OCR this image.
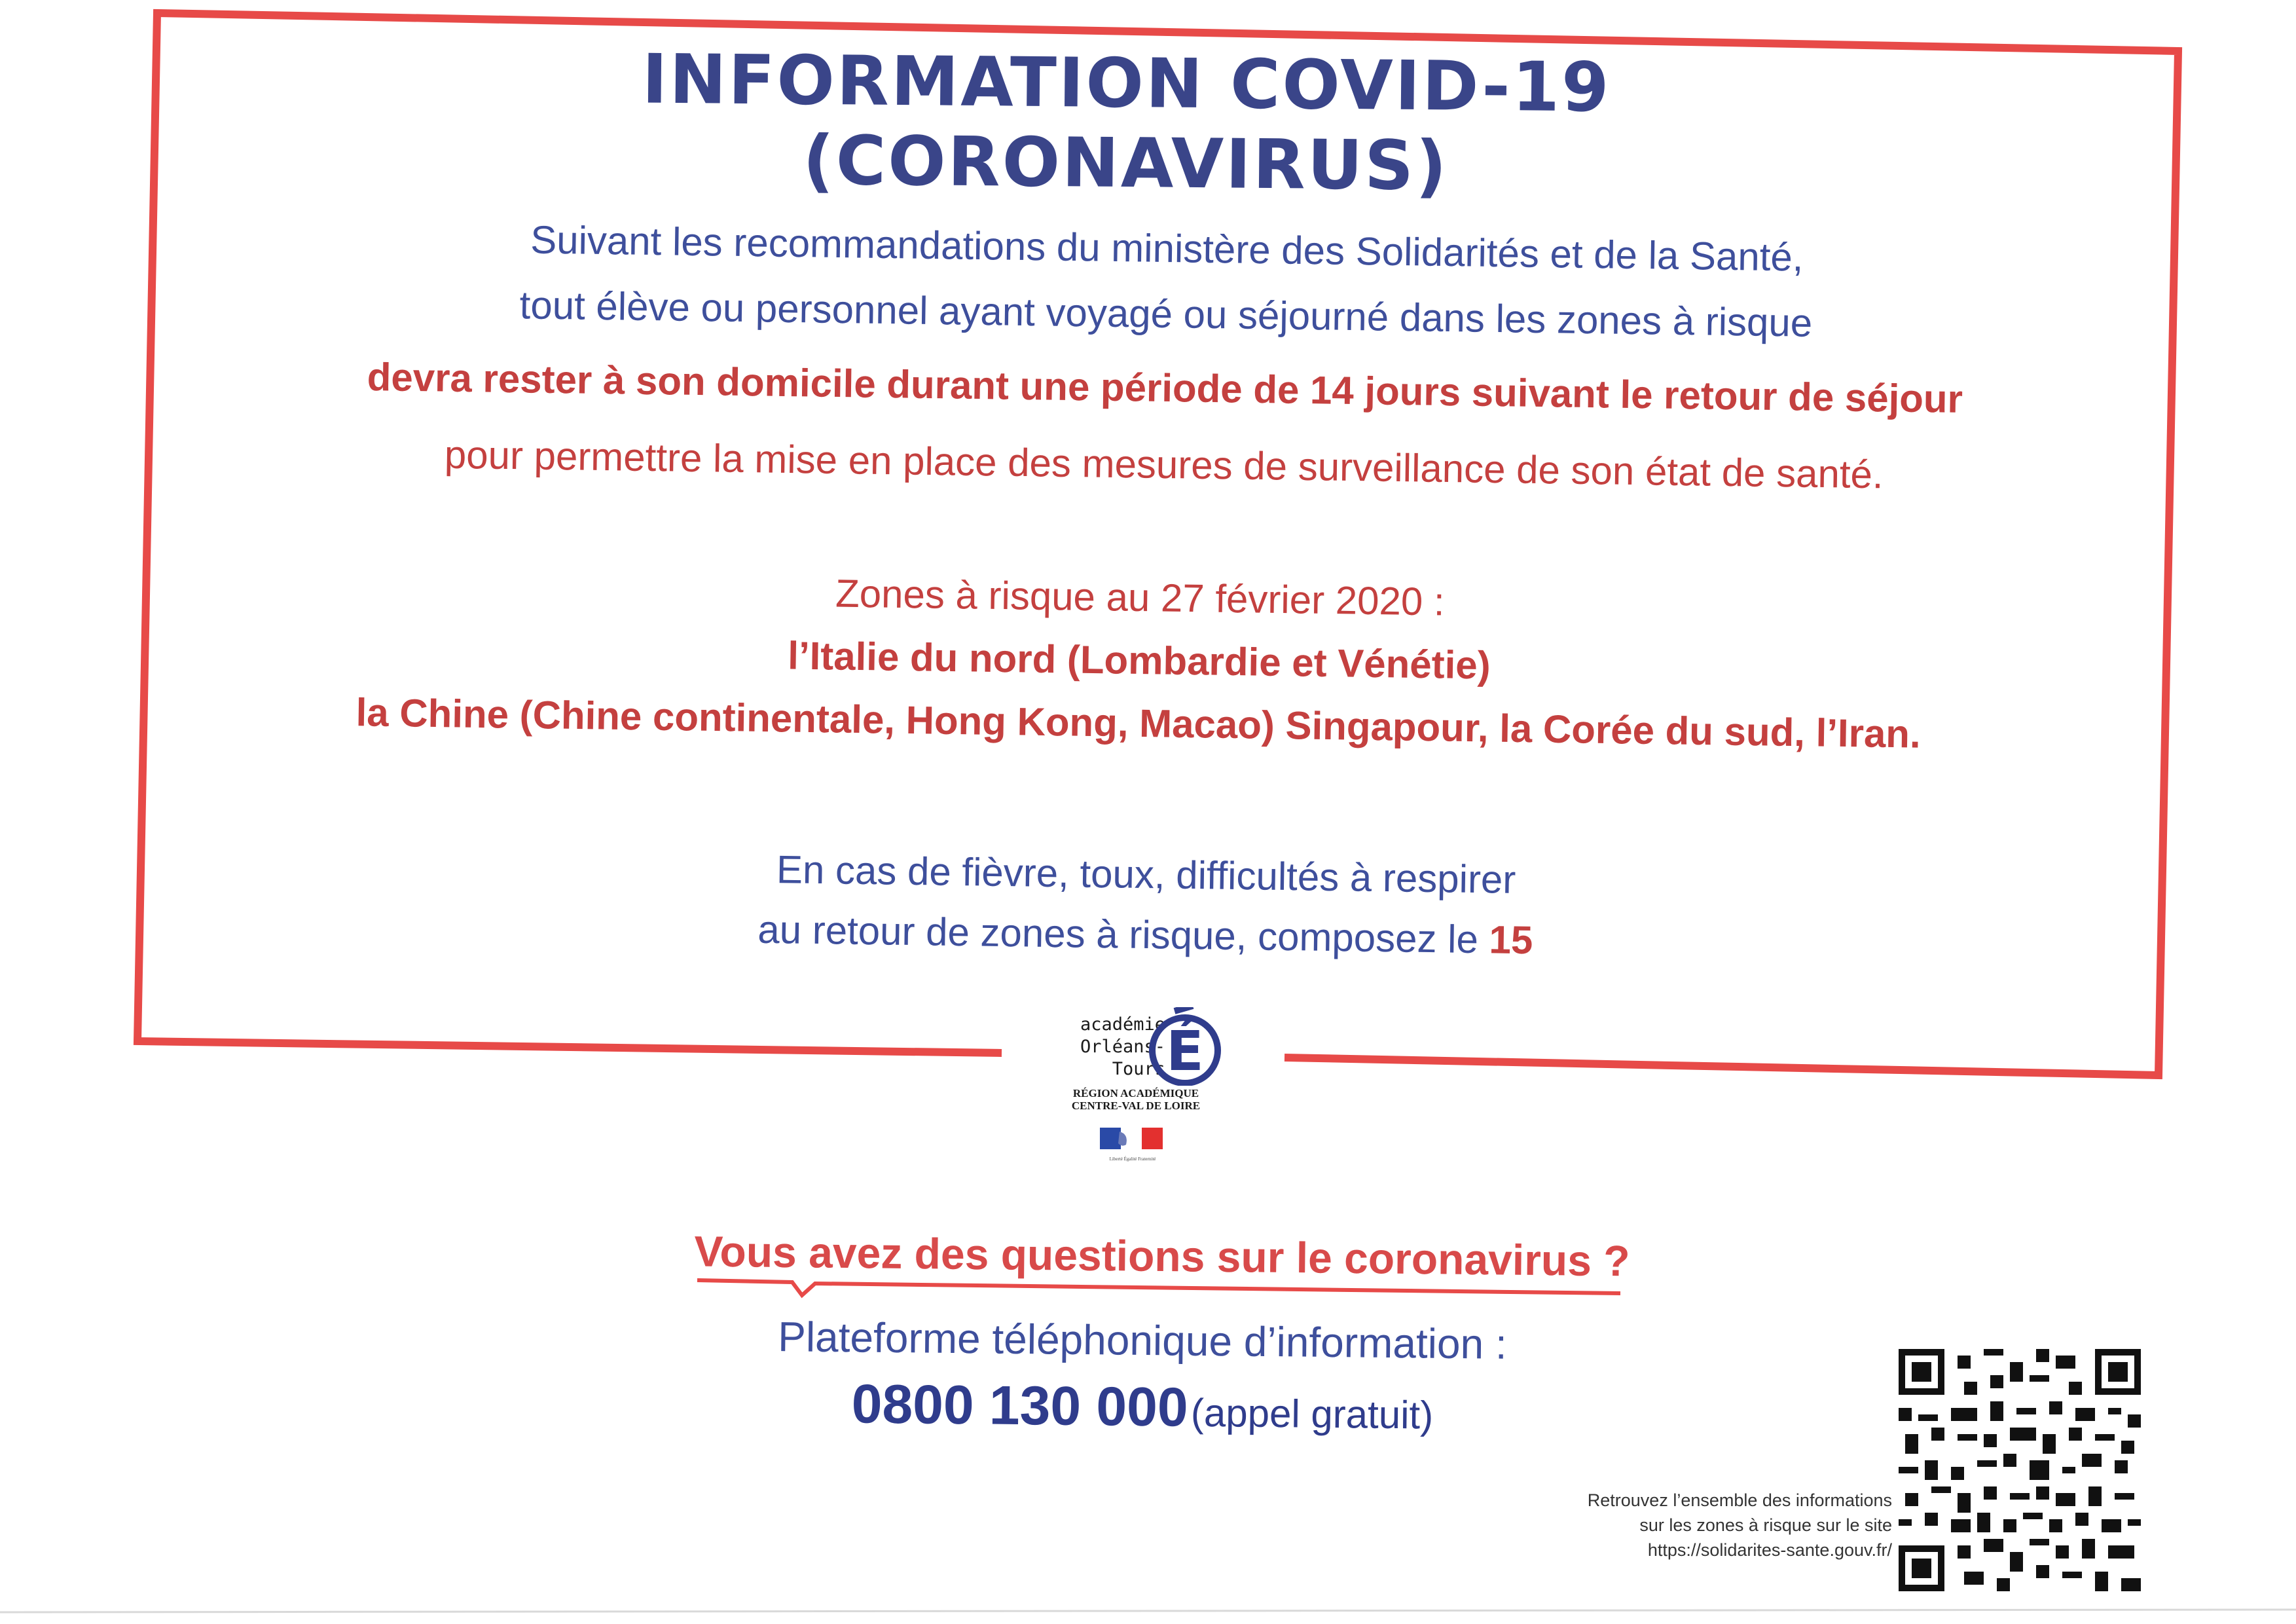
INFORMATION COVID-19 (CORONAVIRUS)
Suivant les recommandations du ministère des Solidarités et de la Santé,
tout élève ou personnel ayant voyagé ou séjourné dans les zones à risque
devra rester à son domicile durant une période de 14 jours suivant le retour de séjour
pour permettre la mise en place des mesures de surveillance de son état de santé.
Zones à risque au 27 février 2020 :
l’Italie du nord (Lombardie et Vénétie)
la Chine (Chine continentale, Hong Kong, Macao) Singapour, la Corée du sud, l’Iran.
En cas de fièvre, toux, difficultés à respirer
au retour de zones à risque, composez le 15
académie
Orléans-Tours É
RÉGION ACADÉMIQUE
CENTRE-VAL DE LOIRE
Liberté Égalité Fraternité
Vous avez des questions sur le coronavirus ?
Plateforme téléphonique d’information :
0800 130 000 (appel gratuit)
Retrouvez l’ensemble des informations
sur les zones à risque sur le site
https://solidarites-sante.gouv.fr/
